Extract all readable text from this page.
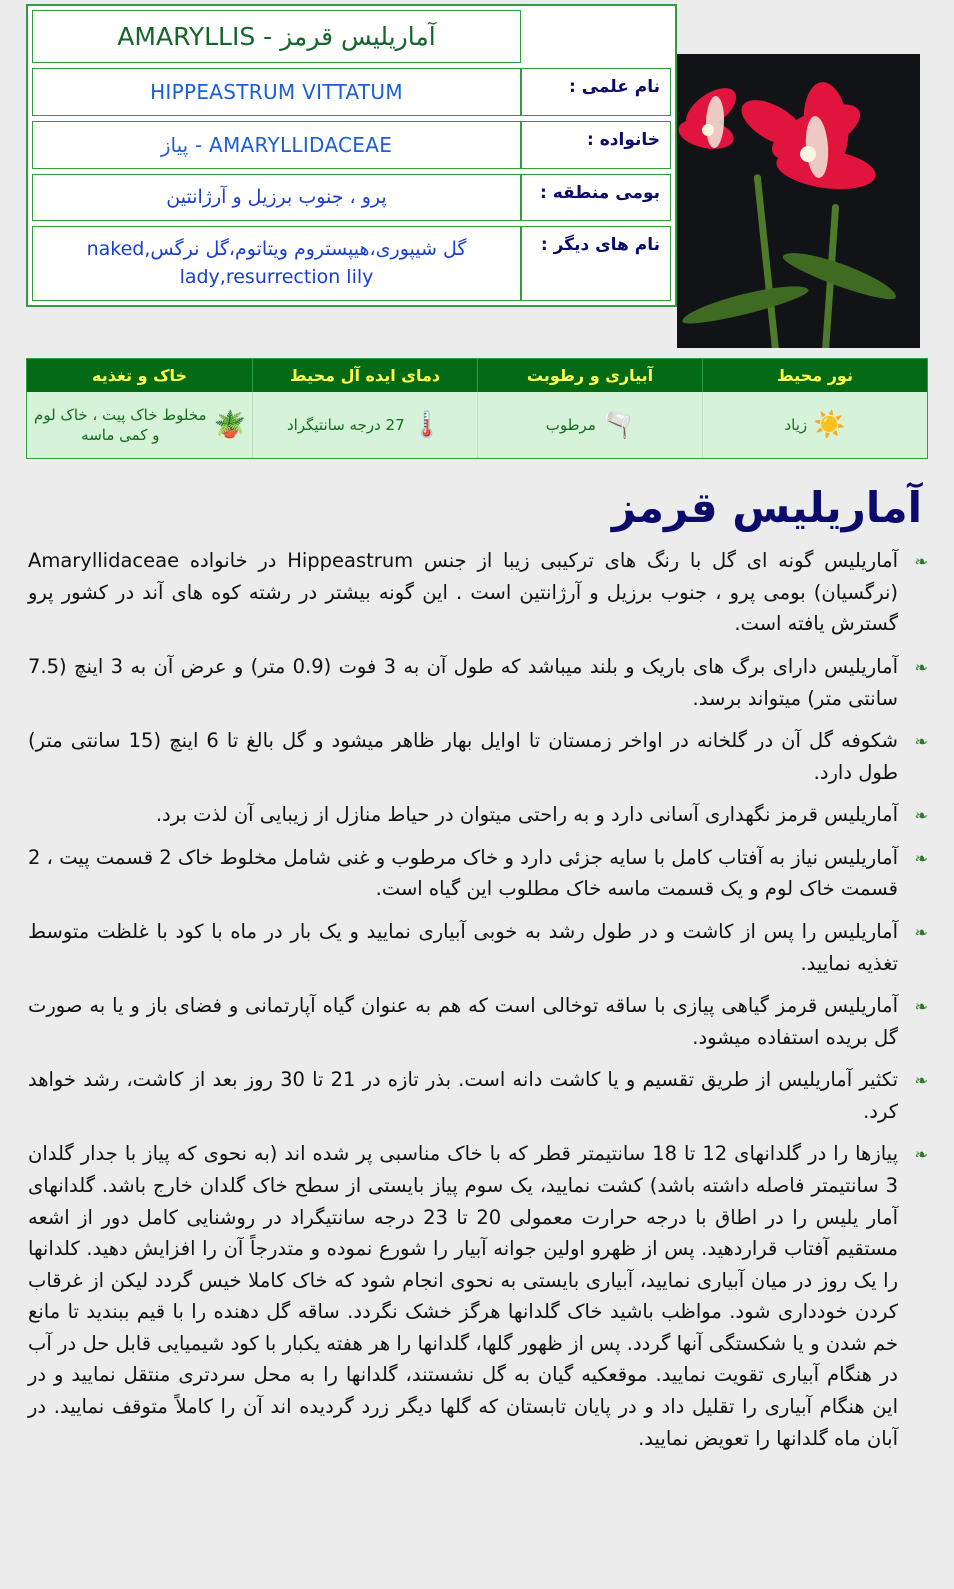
آماریلیس قرمز - AMARYLLIS
نام علمی :
HIPPEASTRUM VITTATUM
خانواده :
AMARYLLIDACEAE - پیاز
بومی منطقه :
پرو ، جنوب برزیل و آرژانتین
نام های دیگر :
گل شیپوری،هیپستروم ویتاتوم،گل نرگس,naked lady,resurrection lily
نور محیط
آبیاری و رطوبت
دمای ایده آل محیط
خاک و تغذیه
☀️
زیاد
🫗
مرطوب
🌡️
27 درجه سانتیگراد
🪴
مخلوط خاک پیت ، خاک لوم و کمی ماسه
آماریلیس قرمز
❧
آماریلیس گونه ای گل با رنگ های ترکیبی زیبا از جنس Hippeastrum در خانواده Amaryllidaceae (نرگسیان) بومی پرو ، جنوب برزیل و آرژانتین است . این گونه بیشتر در رشته کوه های آند در کشور پرو گسترش یافته است.
❧
آماریلیس دارای برگ های باریک و بلند میباشد که طول آن به 3 فوت (0.9 متر) و عرض آن به 3 اینچ (7.5 سانتی متر) میتواند برسد.
❧
شکوفه گل آن در گلخانه در اواخر زمستان تا اوایل بهار ظاهر میشود و گل بالغ تا 6 اینچ (15 سانتی متر) طول دارد.
❧
آماریلیس قرمز نگهداری آسانی دارد و به راحتی میتوان در حیاط منازل از زیبایی آن لذت برد.
❧
آماریلیس نیاز به آفتاب کامل با سایه جزئی دارد و خاک مرطوب و غنی شامل مخلوط خاک 2 قسمت پیت ، 2 قسمت خاک لوم و یک قسمت ماسه خاک مطلوب این گیاه است.
❧
آماریلیس را پس از کاشت و در طول رشد به خوبی آبیاری نمایید و یک بار در ماه با کود با غلظت متوسط تغذیه نمایید.
❧
آماریلیس قرمز گیاهی پیازی با ساقه توخالی است که هم به عنوان گیاه آپارتمانی و فضای باز و یا به صورت گل بریده استفاده میشود.
❧
تکثیر آماریلیس از طریق تقسیم و یا کاشت دانه است. بذر تازه در 21 تا 30 روز بعد از کاشت، رشد خواهد کرد.
❧
پیازها را در گلدانهای 12 تا 18 سانتیمتر قطر که با خاک مناسبی پر شده اند (به نحوی که پیاز با جدار گلدان 3 سانتیمتر فاصله داشته باشد) کشت نمایید، یک سوم پیاز بایستی از سطح خاک گلدان خارج باشد. گلدانهای آمار یلیس را در اطاق با درجه حرارت معمولی 20 تا 23 درجه سانتیگراد در روشنایی کامل دور از اشعه مستقیم آفتاب قراردهید. پس از ظهرو اولین جوانه آبیار را شورع نموده و متدرجاً آن را افزایش دهید. کلدانها را یک روز در میان آبیاری نمایید، آبیاری بایستی به نحوی انجام شود که خاک کاملا خیس گردد لیکن از غرقاب کردن خودداری شود. مواظب باشید خاک گلدانها هرگز خشک نگردد. ساقه گل دهنده را با قیم ببندید تا مانع خم شدن و یا شکستگی آنها گردد. پس از ظهور گلها، گلدانها را هر هفته یکبار با کود شیمیایی قابل حل در آب در هنگام آبیاری تقویت نمایید. موقعکیه گیان به گل نشستند، گلدانها را به محل سردتری منتقل نمایید و در این هنگام آبیاری را تقلیل داد و در پایان تابستان که گلها دیگر زرد گردیده اند آن را کاملاً متوقف نمایید. در آبان ماه گلدانها را تعویض نمایید.
